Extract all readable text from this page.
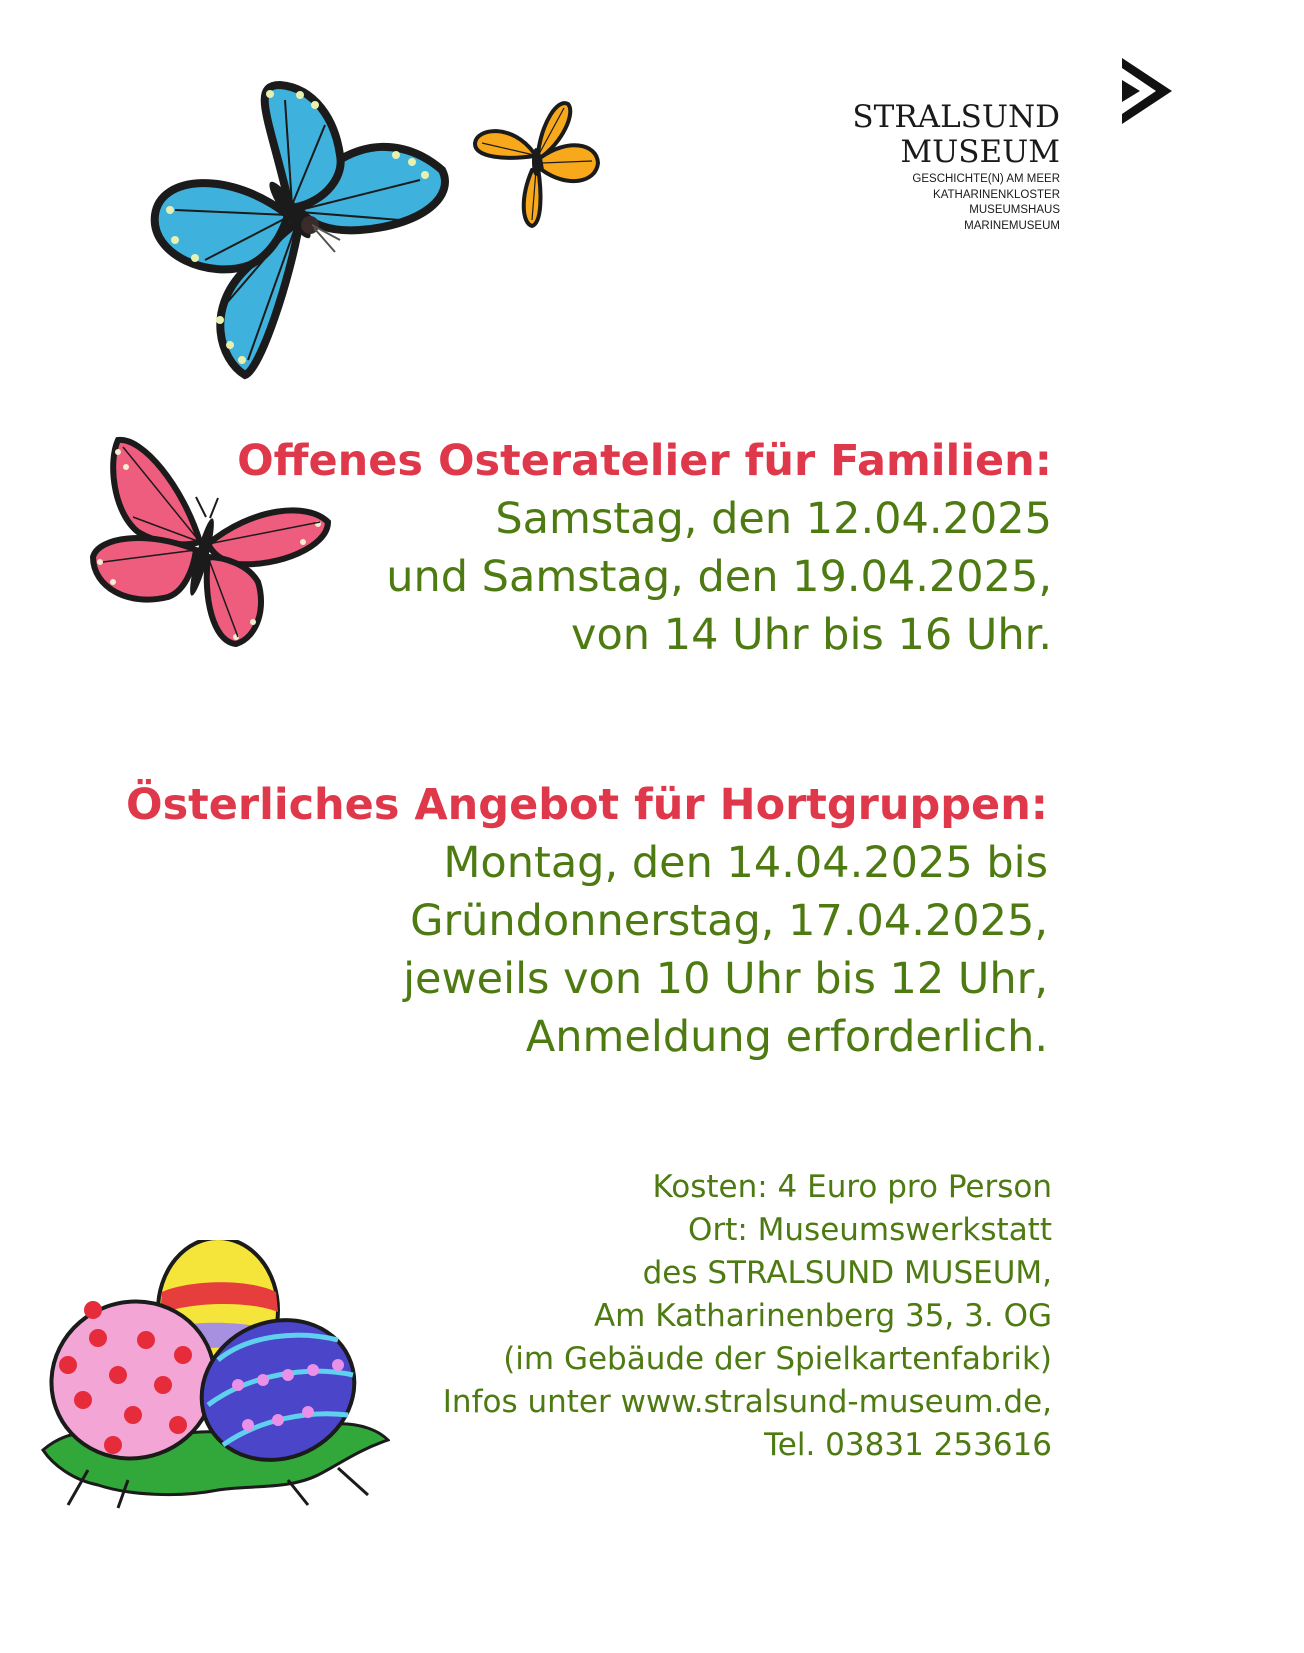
STRALSUND
MUSEUM
GESCHICHTE(N) AM MEER
KATHARINENKLOSTER
MUSEUMSHAUS
MARINEMUSEUM
Offenes Osteratelier für Familien:
Samstag, den 12.04.2025
und Samstag, den 19.04.2025,
von 14 Uhr bis 16 Uhr.
Österliches Angebot für Hortgruppen:
Montag, den 14.04.2025 bis
Gründonnerstag, 17.04.2025,
jeweils von 10 Uhr bis 12 Uhr,
Anmeldung erforderlich.
Kosten: 4 Euro pro Person
Ort: Museumswerkstatt
des STRALSUND MUSEUM,
Am Katharinenberg 35, 3. OG
(im Gebäude der Spielkartenfabrik)
Infos unter www.stralsund-museum.de,
Tel. 03831 253616
